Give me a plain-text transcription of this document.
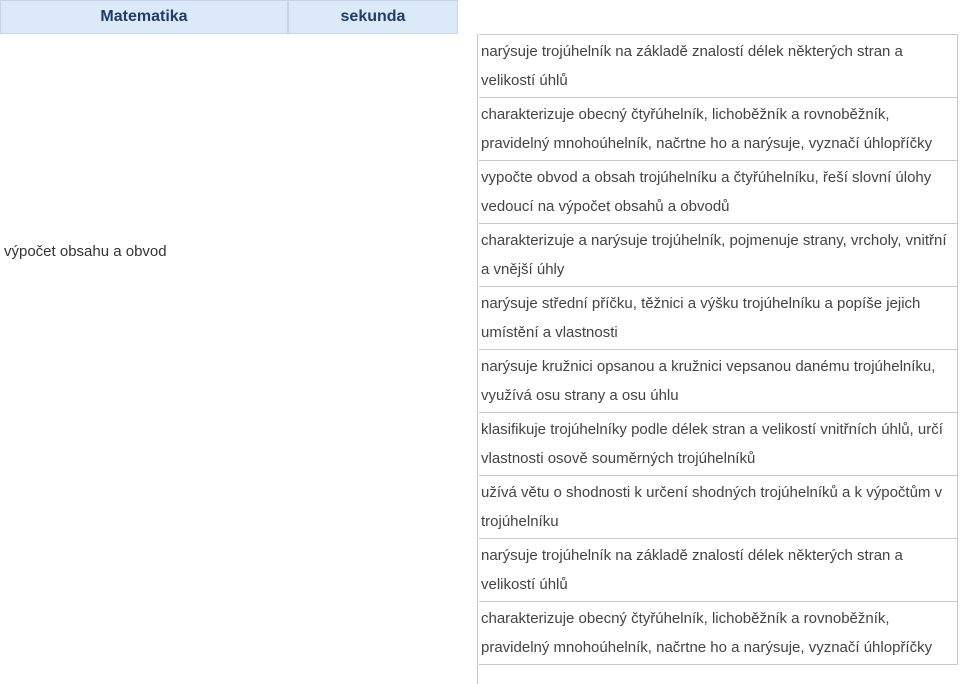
Matematika	sekunda
výpočet obsahu a obvod
narýsuje trojúhelník na základě znalostí délek některých stran a velikostí úhlů
charakterizuje obecný čtyřúhelník, lichoběžník a rovnoběžník, pravidelný mnohoúhelník, načrtne ho a narýsuje, vyznačí úhlopříčky
vypočte obvod a obsah trojúhelníku a čtyřúhelníku, řeší slovní úlohy vedoucí na výpočet obsahů a obvodů
charakterizuje a narýsuje trojúhelník, pojmenuje strany, vrcholy, vnitřní a vnější úhly
narýsuje střední příčku, těžnici a výšku trojúhelníku a popíše jejich umístění a vlastnosti
narýsuje kružnici opsanou a kružnici vepsanou danému trojúhelníku, využívá osu strany a osu úhlu
klasifikuje trojúhelníky podle délek stran a velikostí vnitřních úhlů, určí vlastnosti osově souměrných trojúhelníků
užívá větu o shodnosti k určení shodných trojúhelníků a k výpočtům v trojúhelníku
narýsuje trojúhelník na základě znalostí délek některých stran a velikostí úhlů
charakterizuje obecný čtyřúhelník, lichoběžník a rovnoběžník, pravidelný mnohoúhelník, načrtne ho a narýsuje, vyznačí úhlopříčky
